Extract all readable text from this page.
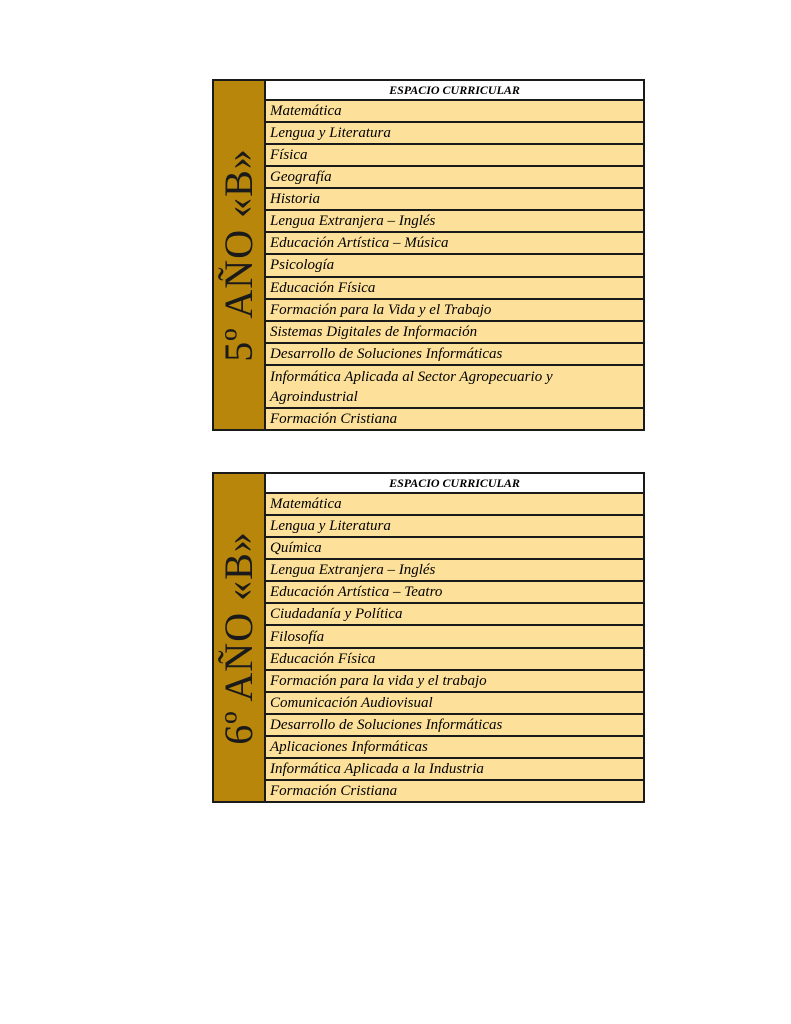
5º AÑO «B»
ESPACIO CURRICULAR
Matemática
Lengua y Literatura
Física
Geografía
Historia
Lengua Extranjera – Inglés
Educación Artística – Música
Psicología
Educación Física
Formación para la Vida y el Trabajo
Sistemas Digitales de Información
Desarrollo de Soluciones Informáticas
Informática Aplicada al Sector Agropecuario y Agroindustrial
Formación Cristiana
6º AÑO «B»
ESPACIO CURRICULAR
Matemática
Lengua y Literatura
Química
Lengua Extranjera – Inglés
Educación Artística – Teatro
Ciudadanía y Política
Filosofía
Educación Física
Formación para la vida y el trabajo
Comunicación Audiovisual
Desarrollo de Soluciones Informáticas
Aplicaciones Informáticas
Informática Aplicada a la Industria
Formación Cristiana
